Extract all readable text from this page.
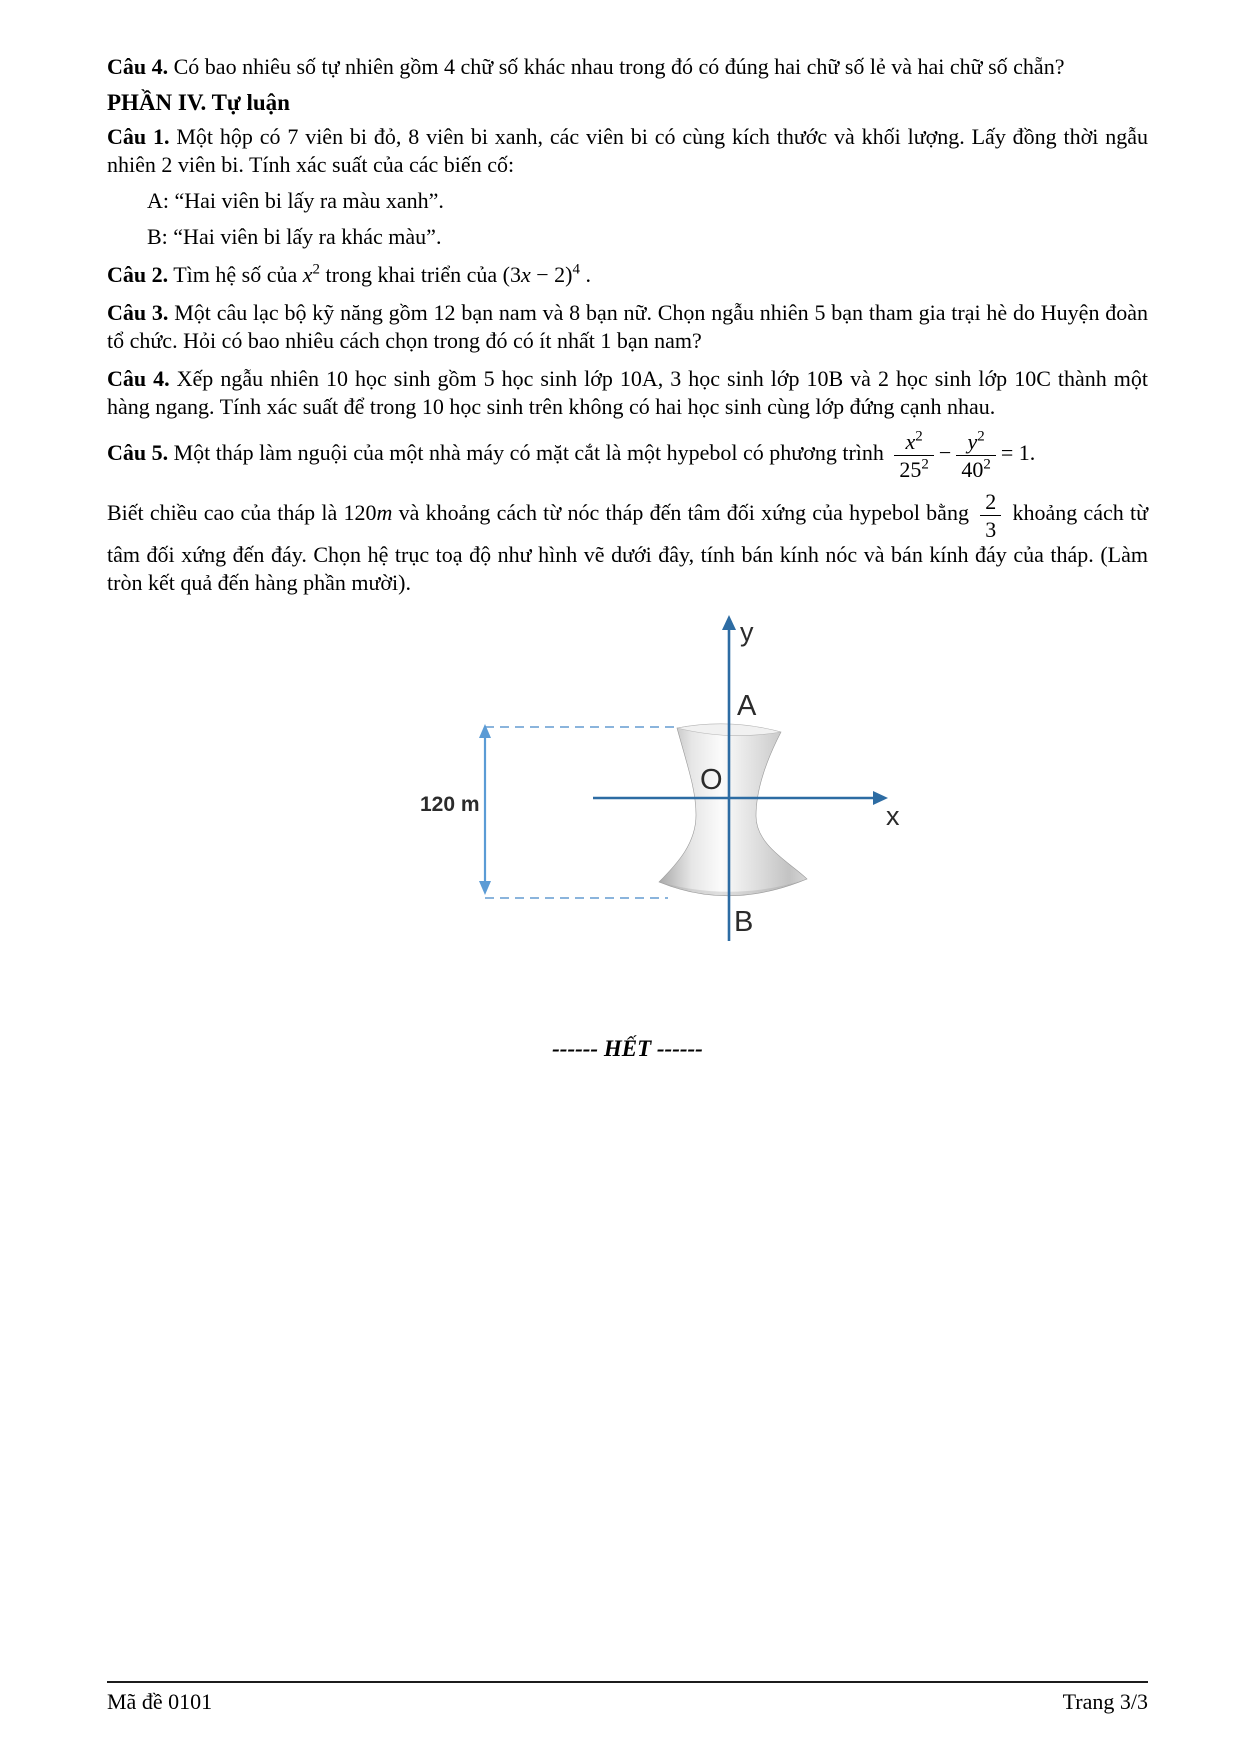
Câu 4. Có bao nhiêu số tự nhiên gồm 4 chữ số khác nhau trong đó có đúng hai chữ số lẻ và hai chữ số chẵn?

PHẦN IV. Tự luận

Câu 1. Một hộp có 7 viên bi đỏ, 8 viên bi xanh, các viên bi có cùng kích thước và khối lượng. Lấy đồng thời ngẫu nhiên 2 viên bi. Tính xác suất của các biến cố:

A: “Hai viên bi lấy ra màu xanh”.

B: “Hai viên bi lấy ra khác màu”.

Câu 2. Tìm hệ số của $x^2$ trong khai triển của $(3x - 2)^4$ .

Câu 3. Một câu lạc bộ kỹ năng gồm 12 bạn nam và 8 bạn nữ. Chọn ngẫu nhiên 5 bạn tham gia trại hè do Huyện đoàn tổ chức. Hỏi có bao nhiêu cách chọn trong đó có ít nhất 1 bạn nam?

Câu 4. Xếp ngẫu nhiên 10 học sinh gồm 5 học sinh lớp 10A, 3 học sinh lớp 10B và 2 học sinh lớp 10C thành một hàng ngang. Tính xác suất để trong 10 học sinh trên không có hai học sinh cùng lớp đứng cạnh nhau.

Câu 5. Một tháp làm nguội của một nhà máy có mặt cắt là một hypebol có phương trình $\frac{x^2}{25^2} - \frac{y^2}{40^2} = 1$.

Biết chiều cao của tháp là 120m và khoảng cách từ nóc tháp đến tâm đối xứng của hypebol bằng $\frac{2}{3}$ khoảng cách từ tâm đối xứng đến đáy. Chọn hệ trục toạ độ như hình vẽ dưới đây, tính bán kính nóc và bán kính đáy của tháp. (Làm tròn kết quả đến hàng phần mười).

y
x
A
O
B
120 m
------ HẾT ------
Mã đề 0101	Trang 3/3
